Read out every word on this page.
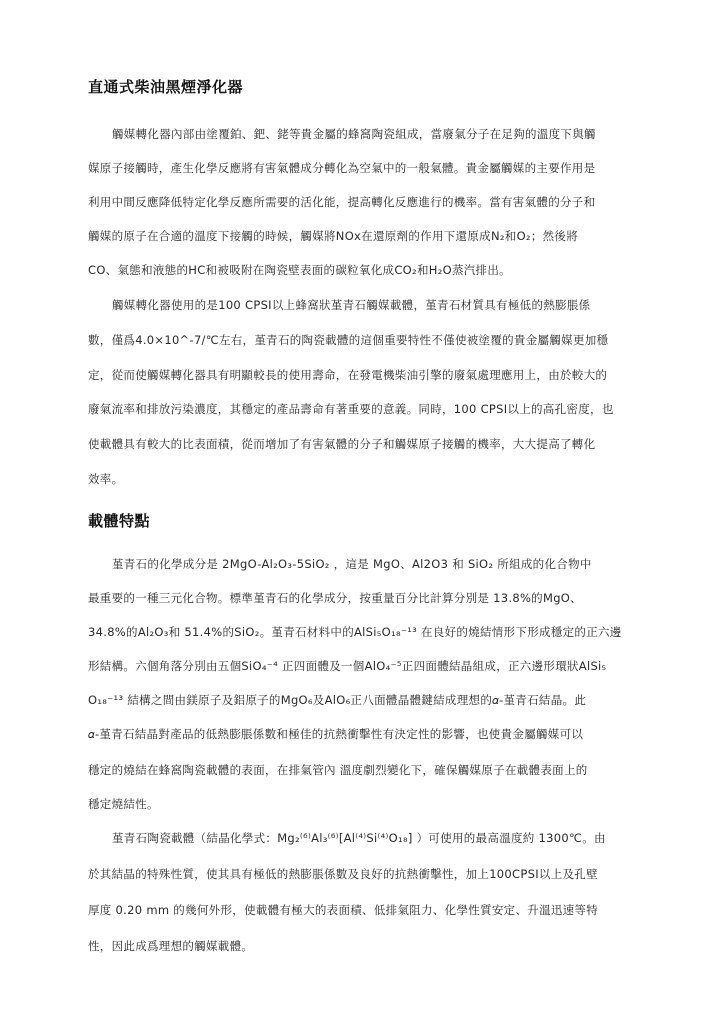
直通式柴油黑煙淨化器
觸媒轉化器內部由塗覆鉑、鈀、銠等貴金屬的蜂窩陶瓷組成，當廢氣分子在足夠的溫度下與觸
媒原子接觸時，產生化學反應將有害氣體成分轉化為空氣中的一般氣體。貴金屬觸媒的主要作用是
利用中間反應降低特定化學反應所需要的活化能，提高轉化反應進行的機率。當有害氣體的分子和
觸媒的原子在合適的溫度下接觸的時候，觸媒將NOx在還原劑的作用下還原成N₂和O₂；然後將
CO、氣態和液態的HC和被吸附在陶瓷壁表面的碳粒氧化成CO₂和H₂O蒸汽排出。
觸媒轉化器使用的是100 CPSI以上蜂窩狀堇青石觸媒載體，堇青石材質具有極低的熱膨脹係
數，僅爲4.0×10^-7/℃左右，堇青石的陶瓷載體的這個重要特性不僅使被塗覆的貴金屬觸媒更加穩
定，從而使觸媒轉化器具有明顯較長的使用壽命，在發電機柴油引擎的廢氣處理應用上，由於較大的
廢氣流率和排放污染濃度，其穩定的產品壽命有著重要的意義。同時，100 CPSI以上的高孔密度，也
使載體具有較大的比表面積，從而增加了有害氣體的分子和觸媒原子接觸的機率，大大提高了轉化
效率。
載體特點
堇青石的化學成分是 2MgO-Al₂O₃-5SiO₂ ，這是 MgO、Al2O3 和 SiO₂ 所組成的化合物中
最重要的一種三元化合物。標準堇青石的化學成分，按重量百分比計算分別是 13.8%的MgO、
34.8%的Al₂O₃和 51.4%的SiO₂。堇青石材料中的AlSi₅O₁₈⁻¹³ 在良好的燒結情形下形成穩定的正六邊
形結構。六個角落分別由五個SiO₄⁻⁴ 正四面體及一個AlO₄⁻⁵正四面體結晶組成，正六邊形環狀AlSi₅
O₁₈⁻¹³ 結構之間由鎂原子及鋁原子的MgO₆及AlO₆正八面體晶體鍵結成理想的𝛼-堇青石結晶。此
𝛼-堇青石結晶對產品的低熱膨脹係數和極佳的抗熱衝擊性有決定性的影響，也使貴金屬觸媒可以
穩定的燒結在蜂窩陶瓷載體的表面，在排氣管內 溫度劇烈變化下，確保觸媒原子在載體表面上的
穩定燒結性。
堇青石陶瓷載體（結晶化學式：Mg₂⁽⁶⁾Al₃⁽⁶⁾[Al⁽⁴⁾Si⁽⁴⁾O₁₈] ）可使用的最高溫度約 1300℃。由
於其結晶的特殊性質，使其具有極低的熱膨脹係數及良好的抗熱衝擊性，加上100CPSI以上及孔壁
厚度 0.20 mm 的幾何外形，使載體有極大的表面積、低排氣阻力、化學性質安定、升溫迅速等特
性，因此成爲理想的觸媒載體。
